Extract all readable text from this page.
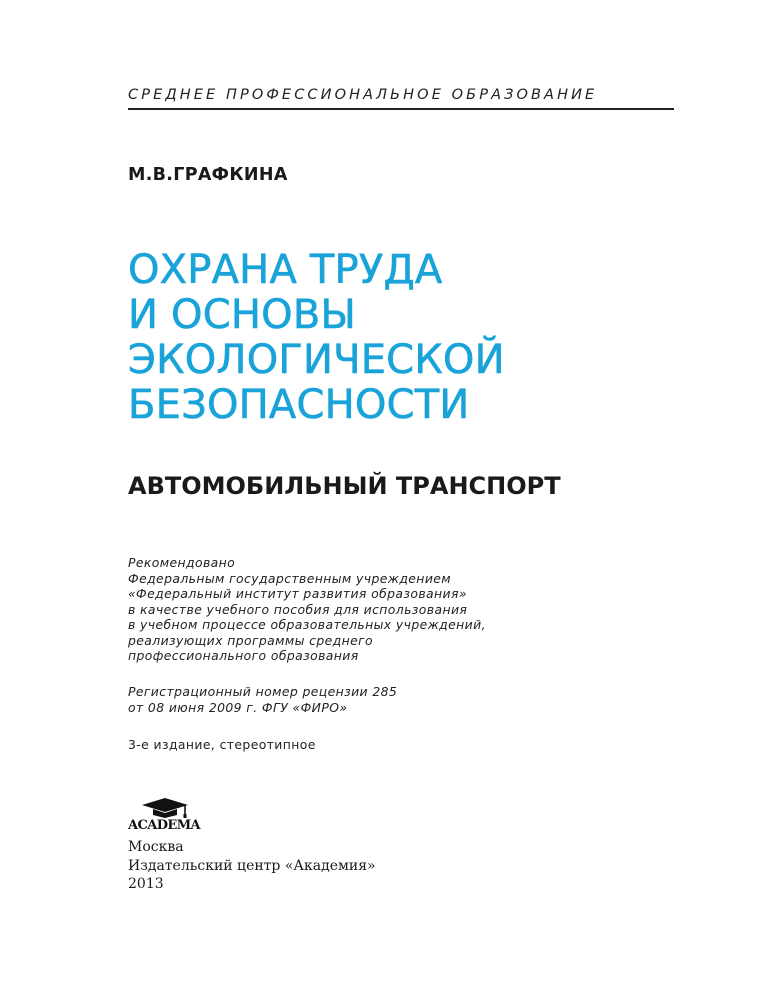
СРЕДНЕЕ ПРОФЕССИОНАЛЬНОЕ ОБРАЗОВАНИЕ
М.В.ГРАФКИНА
ОХРАНА ТРУДА
И ОСНОВЫ
ЭКОЛОГИЧЕСКОЙ
БЕЗОПАСНОСТИ
АВТОМОБИЛЬНЫЙ ТРАНСПОРТ
Рекомендовано
Федеральным государственным учреждением
«Федеральный институт развития образования»
в качестве учебного пособия для использования
в учебном процессе образовательных учреждений,
реализующих программы среднего
профессионального образования
Регистрационный номер рецензии 285
от 08 июня 2009 г. ФГУ «ФИРО»
3-е издание, стереотипное
ACADEMA
Москва
Издательский центр «Академия»
2013
